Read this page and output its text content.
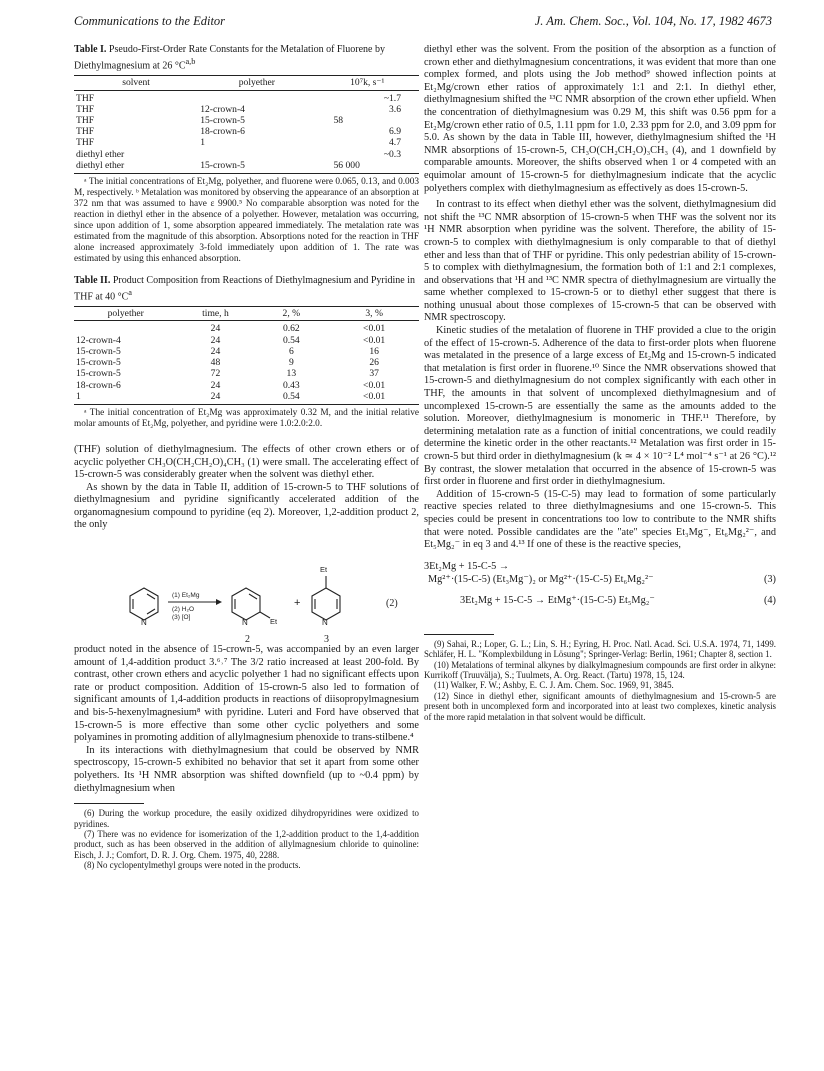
Communications to the Editor	J. Am. Chem. Soc., Vol. 104, No. 17, 1982 4673
Table I. Pseudo-First-Order Rate Constants for the Metalation of Fluorene by Diethylmagnesium at 26 $^\circ C^{a,b}$
solvent	polyether	10⁷k, s⁻¹
THF		~1.7
THF	12-crown-4	3.6
THF	15-crown-5	58
THF	18-crown-6	6.9
THF	1	4.7
diethyl ether		~0.3
diethyl ether	15-crown-5	56 000
ᵃ The initial concentrations of Et₂Mg, polyether, and fluorene were 0.065, 0.13, and 0.003 M, respectively. ᵇ Metalation was monitored by observing the appearance of an absorption at 372 nm that was assumed to have ε 9900.⁵ No comparable absorption was noted for the reaction in diethyl ether in the absence of a polyether. However, metalation was occurring, since upon addition of 1, some absorption appeared immediately. The metalation rate was estimated from the magnitude of this absorption. Absorptions noted for the reaction in THF alone increased approximately 3-fold immediately upon addition of 1. The rate was estimated by using this enhanced absorption.
Table II. Product Composition from Reactions of Diethylmagnesium and Pyridine in THF at 40 $^\circ C^a$
polyether	time, h	2, %	3, %
	24	0.62	<0.01
12-crown-4	24	0.54	<0.01
15-crown-5	24	6	16
15-crown-5	48	9	26
15-crown-5	72	13	37
18-crown-6	24	0.43	<0.01
1	24	0.54	<0.01
ᵃ The initial concentration of Et₂Mg was approximately 0.32 M, and the initial relative molar amounts of Et₂Mg, polyether, and pyridine were 1.0:2.0:2.0.

(THF) solution of diethylmagnesium. The effects of other crown ethers or of acyclic polyether CH₃O(CH₂CH₂O)₄CH₃ (1) were small. The accelerating effect of 15-crown-5 was considerably greater when the solvent was diethyl ether.

As shown by the data in Table II, addition of 15-crown-5 to THF solutions of diethylmagnesium and pyridine significantly accelerated addition of the organomagnesium compound to pyridine (eq 2). Moreover, 1,2-addition product 2, the only

N
(1) Et₂Mg
(2) H₂O
(3) [O]
N	Et
2
+
Et
N
3
(2)

product noted in the absence of 15-crown-5, was accompanied by an even larger amount of 1,4-addition product 3.⁶˒⁷ The 3/2 ratio increased at least 200-fold. By contrast, other crown ethers and acyclic polyether 1 had no significant effects upon rate or product composition. Addition of 15-crown-5 also led to formation of significant amounts of 1,4-addition products in reactions of diisopropylmagnesium and bis-5-hexenylmagnesium⁸ with pyridine. Luteri and Ford have observed that 15-crown-5 is more effective than some other cyclic polyethers and some polyamines in promoting addition of allylmagnesium phenoxide to trans-stilbene.⁴

In its interactions with diethylmagnesium that could be observed by NMR spectroscopy, 15-crown-5 exhibited no behavior that set it apart from some other polyethers. Its ¹H NMR absorption was shifted downfield (up to ~0.4 ppm) by diethylmagnesium when

(6) During the workup procedure, the easily oxidized dihydropyridines were oxidized to pyridines.

(7) There was no evidence for isomerization of the 1,2-addition product to the 1,4-addition product, such as has been observed in the addition of allylmagnesium chloride to quinoline: Eisch, J. J.; Comfort, D. R. J. Org. Chem. 1975, 40, 2288.

(8) No cyclopentylmethyl groups were noted in the products.

diethyl ether was the solvent. From the position of the absorption as a function of crown ether and diethylmagnesium concentrations, it was evident that more than one complex formed, and plots using the Job method⁹ showed inflection points at Et₂Mg/crown ether ratios of approximately 1:1 and 2:1. In diethyl ether, diethylmagnesium shifted the ¹³C NMR absorption of the crown ether upfield. When the concentration of diethylmagnesium was 0.29 M, this shift was 0.56 ppm for a Et₂Mg/crown ether ratio of 0.5, 1.11 ppm for 1.0, 2.33 ppm for 2.0, and 3.09 ppm for 5.0. As shown by the data in Table III, however, diethylmagnesium shifted the ¹H NMR absorptions of 15-crown-5, CH₃O(CH₂CH₂O)₃CH₃ (4), and 1 downfield by comparable amounts. Moreover, the shifts observed when 1 or 4 competed with an equimolar amount of 15-crown-5 for diethylmagnesium indicate that the acyclic polyethers complex with diethylmagnesium as effectively as does 15-crown-5.

In contrast to its effect when diethyl ether was the solvent, diethylmagnesium did not shift the ¹³C NMR absorption of 15-crown-5 when THF was the solvent nor its ¹H NMR absorption when pyridine was the solvent. Therefore, the ability of 15-crown-5 to complex with diethylmagnesium is only comparable to that of diethyl ether and less than that of THF or pyridine. This only pedestrian ability of 15-crown-5 to complex with diethylmagnesium, the formation both of 1:1 and 2:1 complexes, and observations that ¹H and ¹³C NMR spectra of diethylmagnesium are virtually the same whether complexed to 15-crown-5 or to diethyl ether suggest that there is nothing unusual about those complexes of 15-crown-5 that can be observed with NMR spectroscopy.

Kinetic studies of the metalation of fluorene in THF provided a clue to the origin of the effect of 15-crown-5. Adherence of the data to first-order plots when fluorene was metalated in the presence of a large excess of Et₂Mg and 15-crown-5 indicated that metalation is first order in fluorene.¹⁰ Since the NMR observations showed that 15-crown-5 and diethylmagnesium do not complex significantly with each other in THF, the amounts in that solvent of uncomplexed diethylmagnesium and of uncomplexed 15-crown-5 are essentially the same as the amounts added to the solution. Moreover, diethylmagnesium is monomeric in THF.¹¹ Therefore, by determining metalation rate as a function of initial concentrations, we could readily determine the kinetic order in the other reactants.¹² Metalation was first order in 15-crown-5 but third order in diethylmagnesium (k ≃ 4 × 10⁻² L⁴ mol⁻⁴ s⁻¹ at 26 °C).¹² By contrast, the slower metalation that occurred in the absence of 15-crown-5 was first order in fluorene and first order in diethylmagnesium.

Addition of 15-crown-5 (15-C-5) may lead to formation of some particularly reactive species related to three diethylmagnesiums and one 15-crown-5. This species could be present in concentrations too low to contribute to the NMR shifts that were noted. Possible candidates are the "ate" species Et₃Mg⁻, Et₆Mg₂²⁻, and Et₅Mg₂⁻ in eq 3 and 4.¹³ If one of these is the reactive species,

3Et₂Mg + 15-C-5 →
Mg²⁺·(15-C-5) (Et₃Mg⁻)₂ or Mg²⁺·(15-C-5) Et₆Mg₂²⁻	(3)
3Et₂Mg + 15-C-5 → EtMg⁺·(15-C-5) Et₅Mg₂⁻	(4)

(9) Sahai, R.; Loper, G. L.; Lin, S. H.; Eyring, H. Proc. Natl. Acad. Sci. U.S.A. 1974, 71, 1499. Schläfer, H. L. "Komplexbildung in Lösung"; Springer-Verlag: Berlin, 1961; Chapter 8, section 1.

(10) Metalations of terminal alkynes by dialkylmagnesium compounds are first order in alkyne: Kurrikoff (Truuvälja), S.; Tuulmets, A. Org. React. (Tartu) 1978, 15, 124.

(11) Walker, F. W.; Ashby, E. C. J. Am. Chem. Soc. 1969, 91, 3845.

(12) Since in diethyl ether, significant amounts of diethylmagnesium and 15-crown-5 are present both in uncomplexed form and incorporated into at least two complexes, kinetic analysis of the more rapid metalation in that solvent would be difficult.
